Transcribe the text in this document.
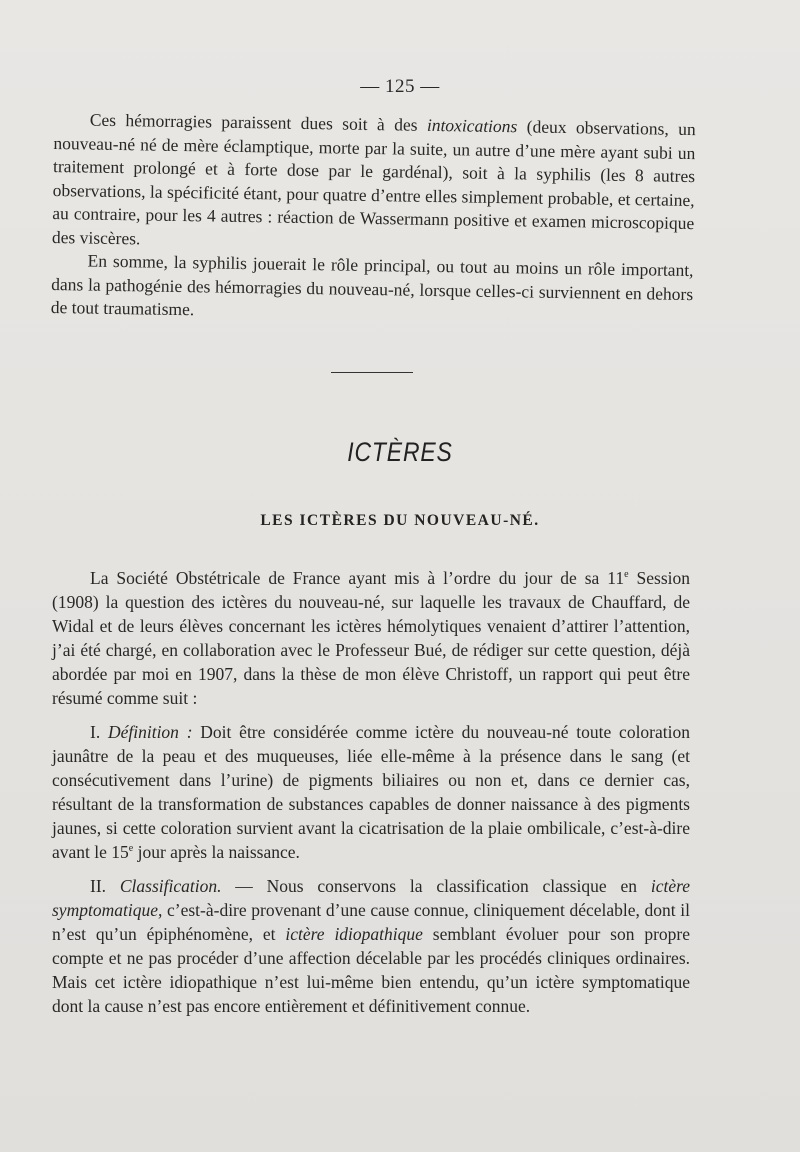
— 125 —

Ces hémorragies paraissent dues soit à des intoxications (deux observations, un nouveau-né né de mère éclamptique, morte par la suite, un autre d’une mère ayant subi un traitement prolongé et à forte dose par le gardénal), soit à la syphilis (les 8 autres observations, la spécificité étant, pour quatre d’entre elles simplement probable, et certaine, au contraire, pour les 4 autres : réaction de Wassermann positive et examen microscopique des viscères.

En somme, la syphilis jouerait le rôle principal, ou tout au moins un rôle important, dans la pathogénie des hémorragies du nouveau-né, lorsque celles-ci surviennent en dehors de tout traumatisme.

ICTÈRES
LES ICTÈRES DU NOUVEAU-NÉ.

La Société Obstétricale de France ayant mis à l’ordre du jour de sa 11e Session (1908) la question des ictères du nouveau-né, sur laquelle les travaux de Chauffard, de Widal et de leurs élèves concernant les ictères hémolytiques venaient d’attirer l’attention, j’ai été chargé, en collaboration avec le Professeur Bué, de rédiger sur cette question, déjà abordée par moi en 1907, dans la thèse de mon élève Christoff, un rapport qui peut être résumé comme suit :

I. Définition : Doit être considérée comme ictère du nouveau-né toute coloration jaunâtre de la peau et des muqueuses, liée elle-même à la présence dans le sang (et consécutivement dans l’urine) de pigments biliaires ou non et, dans ce dernier cas, résultant de la transformation de substances capables de donner naissance à des pigments jaunes, si cette coloration survient avant la cicatrisation de la plaie ombilicale, c’est-à-dire avant le 15e jour après la naissance.

II. Classification. — Nous conservons la classification classique en ictère symptomatique, c’est-à-dire provenant d’une cause connue, cliniquement décelable, dont il n’est qu’un épiphénomène, et ictère idiopathique semblant évoluer pour son propre compte et ne pas procéder d’une affection décelable par les procédés cliniques ordinaires. Mais cet ictère idiopathique n’est lui-même bien entendu, qu’un ictère symptomatique dont la cause n’est pas encore entièrement et définitivement connue.
